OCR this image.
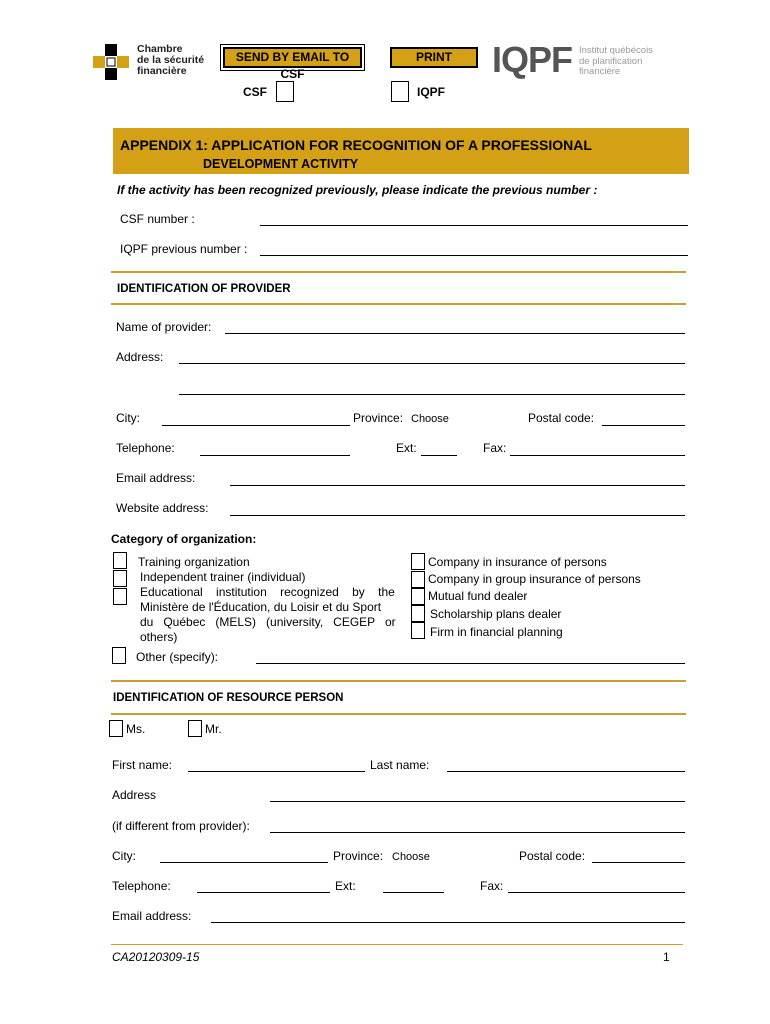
Chambre
de la sécurité
financière
SEND BY EMAIL TO CSF
PRINT	IQPF Institut québécois
de planification
financière
CSF	IQPF
APPENDIX 1: APPLICATION FOR RECOGNITION OF A PROFESSIONAL
DEVELOPMENT ACTIVITY
If the activity has been recognized previously, please indicate the previous number :
CSF number :
IQPF previous number :
IDENTIFICATION OF PROVIDER
Name of provider:
Address:
City:	Province: Choose	Postal code:
Telephone:	Ext:	Fax:
Email address:
Website address:
Category of organization:
Training organization
Independent trainer (individual)
Educational    institution    recognized    by    the
Ministère de l'Éducation, du Loisir et du Sport
du   Québec   (MELS)   (university,   CEGEP   or
others)
Company in insurance of persons
Company in group insurance of persons
Mutual fund dealer
Scholarship plans dealer
Firm in financial planning
Other (specify):
IDENTIFICATION OF RESOURCE PERSON
Ms.	Mr.
First name:	Last name:
Address
(if different from provider):
City:	Province: Choose	Postal code:
Telephone:	Ext:	Fax:
Email address:
CA20120309-15	1
